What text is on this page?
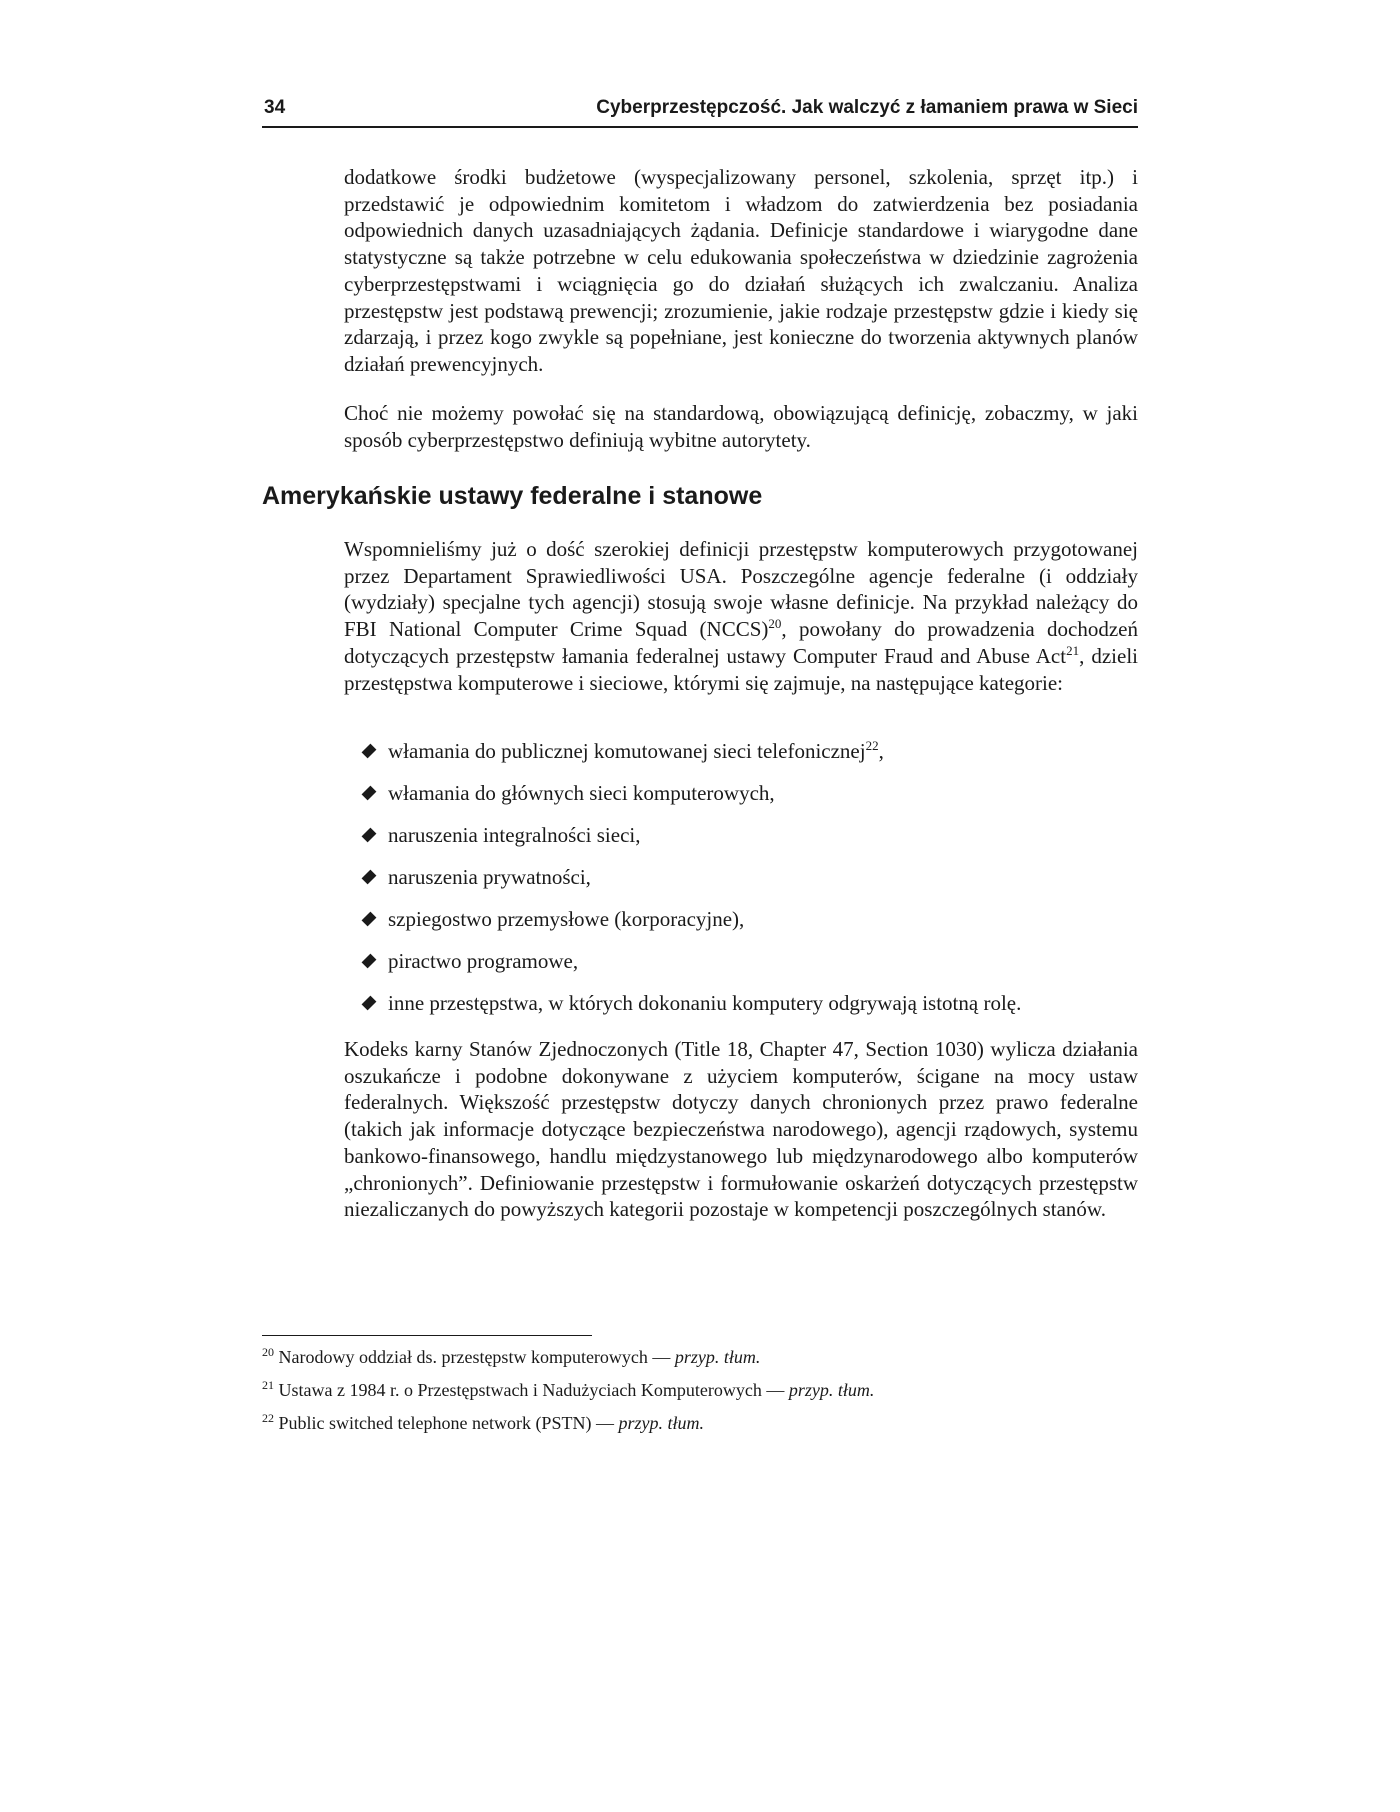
34	Cyberprzestępczość. Jak walczyć z łamaniem prawa w Sieci

dodatkowe środki budżetowe (wyspecjalizowany personel, szkolenia, sprzęt itp.) i przedstawić je odpowiednim komitetom i władzom do zatwierdzenia bez posiadania odpowiednich danych uzasadniających żądania. Definicje standardowe i wiarygodne dane statystyczne są także potrzebne w celu edukowania społeczeństwa w dziedzinie zagrożenia cyberprzestępstwami i wciągnięcia go do działań służących ich zwalczaniu. Analiza przestępstw jest podstawą prewencji; zrozumienie, jakie rodzaje przestępstw gdzie i kiedy się zdarzają, i przez kogo zwykle są popełniane, jest konieczne do tworzenia aktywnych planów działań prewencyjnych.

Choć nie możemy powołać się na standardową, obowiązującą definicję, zobaczmy, w jaki sposób cyberprzestępstwo definiują wybitne autorytety.

Amerykańskie ustawy federalne i stanowe

Wspomnieliśmy już o dość szerokiej definicji przestępstw komputerowych przygotowanej przez Departament Sprawiedliwości USA. Poszczególne agencje federalne (i oddziały (wydziały) specjalne tych agencji) stosują swoje własne definicje. Na przykład należący do FBI National Computer Crime Squad (NCCS)$^{20}$, powołany do prowadzenia dochodzeń dotyczących przestępstw łamania federalnej ustawy Computer Fraud and Abuse Act$^{21}$, dzieli przestępstwa komputerowe i sieciowe, którymi się zajmuje, na następujące kategorie:

włamania do publicznej komutowanej sieci telefonicznej$^{22}$,
włamania do głównych sieci komputerowych,
naruszenia integralności sieci,
naruszenia prywatności,
szpiegostwo przemysłowe (korporacyjne),
piractwo programowe,
inne przestępstwa, w których dokonaniu komputery odgrywają istotną rolę.

Kodeks karny Stanów Zjednoczonych (Title 18, Chapter 47, Section 1030) wylicza działania oszukańcze i podobne dokonywane z użyciem komputerów, ścigane na mocy ustaw federalnych. Większość przestępstw dotyczy danych chronionych przez prawo federalne (takich jak informacje dotyczące bezpieczeństwa narodowego), agencji rządowych, systemu bankowo-finansowego, handlu międzystanowego lub międzynarodowego albo komputerów „chronionych”. Definiowanie przestępstw i formułowanie oskarżeń dotyczących przestępstw niezaliczanych do powyższych kategorii pozostaje w kompetencji poszczególnych stanów.

$^{20}$ Narodowy oddział ds. przestępstw komputerowych — przyp. tłum.
$^{21}$ Ustawa z 1984 r. o Przestępstwach i Nadużyciach Komputerowych — przyp. tłum.
$^{22}$ Public switched telephone network (PSTN) — przyp. tłum.
